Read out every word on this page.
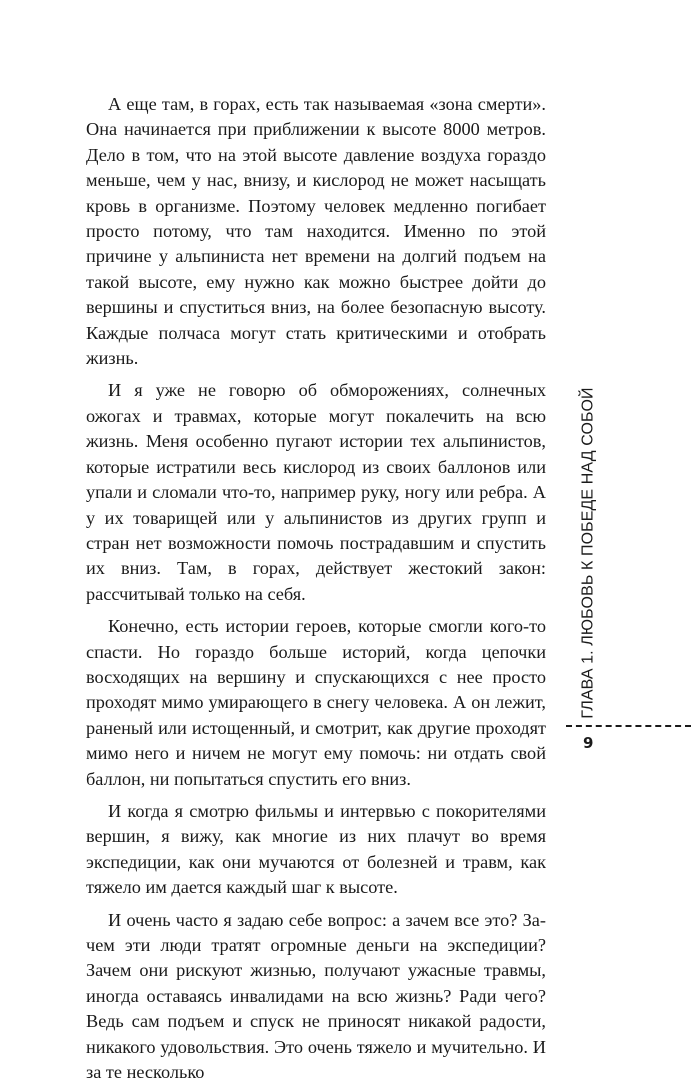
А еще там, в горах, есть так называемая «зона смерти». Она начинается при приближении к высоте 8000 метров. Дело в том, что на этой высоте давление воздуха гораздо меньше, чем у нас, внизу, и кислород не может насыщать кровь в организме. Поэтому человек медленно погибает просто потому, что там находится. Именно по этой причине у альпиниста нет времени на долгий подъем на такой высоте, ему нужно как можно быстрее дойти до вершины и спуститься вниз, на более безопасную высоту. Каждые полчаса могут стать критическими и отобрать жизнь.

И я уже не говорю об обморожениях, солнечных ожогах и травмах, которые могут покалечить на всю жизнь. Меня особенно пугают истории тех альпинистов, которые истратили весь кислород из своих баллонов или упали и сломали что-то, например руку, ногу или ребра. А у их товарищей или у альпинистов из других групп и стран нет возможности помочь пострадавшим и спустить их вниз. Там, в горах, действует жестокий закон: рассчитывай только на себя.

Конечно, есть истории героев, которые смогли кого-то спасти. Но гораздо больше историй, когда цепочки восходящих на вершину и спускающихся с нее просто проходят мимо умирающего в снегу человека. А он лежит, раненый или истощенный, и смотрит, как другие проходят мимо него и ничем не могут ему помочь: ни отдать свой баллон, ни попытаться спустить его вниз.

И когда я смотрю фильмы и интервью с покорителями вершин, я вижу, как многие из них плачут во время экспедиции, как они мучаются от болезней и травм, как тяжело им дается каждый шаг к высоте.

И очень часто я задаю себе вопрос: а зачем все это? Зачем эти люди тратят огромные деньги на экспедиции? Зачем они рискуют жизнью, получают ужасные травмы, иногда оставаясь инвалидами на всю жизнь? Ради чего? Ведь сам подъем и спуск не приносят никакой радости, никакого удовольствия. Это очень тяжело и мучительно. И за те несколько

ГЛАВА 1. ЛЮБОВЬ К ПОБЕДЕ НАД СОБОЙ
9
